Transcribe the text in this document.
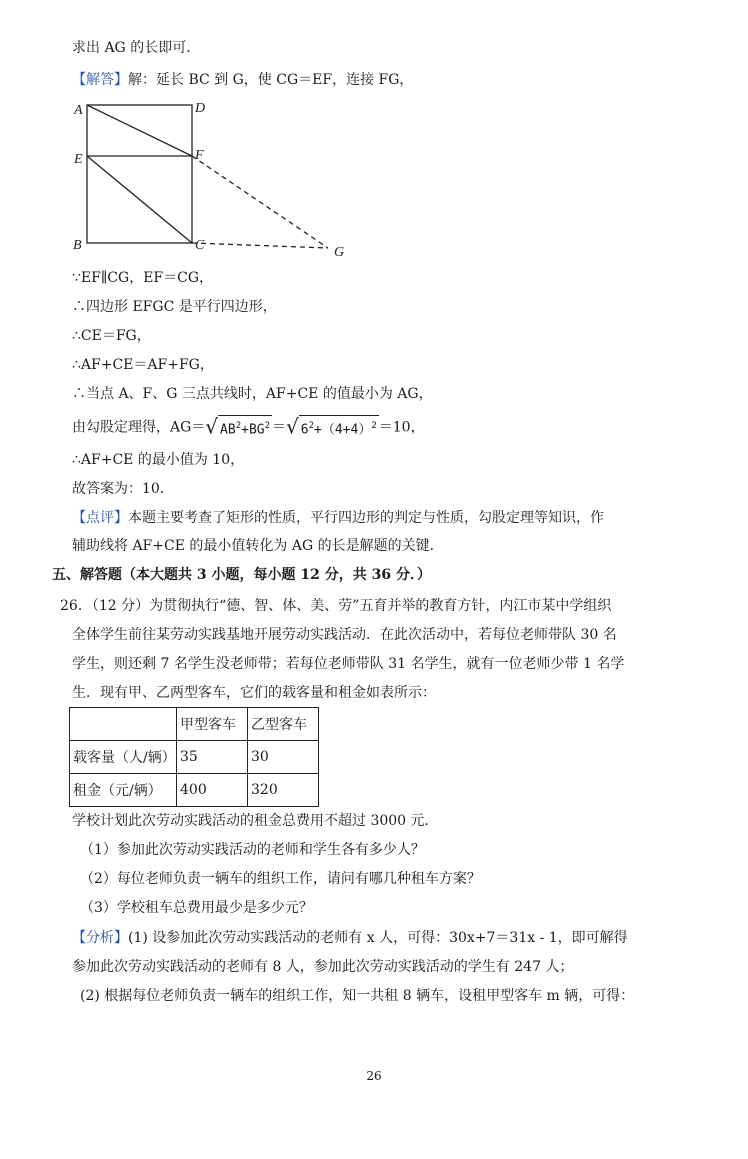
求出 AG 的长即可．
【解答】解：延长 BC 到 G，使 CG＝EF，连接 FG，
A	D
E	F
B	C	G
∵EF∥CG，EF＝CG，
∴四边形 EFGC 是平行四边形，
∴CE＝FG，
∴AF+CE＝AF+FG，
∴当点 A、F、G 三点共线时，AF+CE 的值最小为 AG，
由勾股定理得，AG＝√ $AB^2+BG^2$ ＝√ $6^2+(4+4)^2 =10$，
∴AF+CE 的最小值为 10，
故答案为：10．
【点评】本题主要考查了矩形的性质，平行四边形的判定与性质，勾股定理等知识，作
辅助线将 AF+CE 的最小值转化为 AG 的长是解题的关键．
五、解答题（本大题共 3 小题，每小题 12 分，共 36 分．）
26．（12 分）为贯彻执行“德、智、体、美、劳”五育并举的教育方针，内江市某中学组织
全体学生前往某劳动实践基地开展劳动实践活动．在此次活动中，若每位老师带队 30 名
学生，则还剩 7 名学生没老师带；若每位老师带队 31 名学生，就有一位老师少带 1 名学
生．现有甲、乙两型客车，它们的载客量和租金如表所示：
	甲型客车	乙型客车
载客量（人/辆）	35	30
租金（元/辆）	400	320
学校计划此次劳动实践活动的租金总费用不超过 3000 元．
（1）参加此次劳动实践活动的老师和学生各有多少人？
（2）每位老师负责一辆车的组织工作，请问有哪几种租车方案？
（3）学校租车总费用最少是多少元？
【分析】(1) 设参加此次劳动实践活动的老师有 x 人，可得：30x+7＝31x - 1，即可解得
参加此次劳动实践活动的老师有 8 人，参加此次劳动实践活动的学生有 247 人；
(2) 根据每位老师负责一辆车的组织工作，知一共租 8 辆车，设租甲型客车 m 辆，可得：
26
